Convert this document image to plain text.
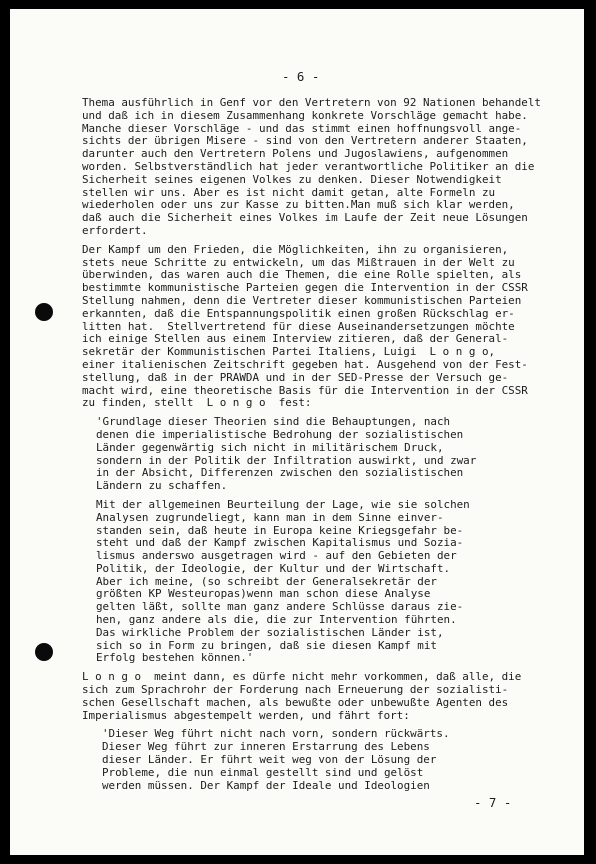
- 6 -
Thema ausführlich in Genf vor den Vertretern von 92 Nationen behandelt
und daß ich in diesem Zusammenhang konkrete Vorschläge gemacht habe.
Manche dieser Vorschläge - und das stimmt einen hoffnungsvoll ange-
sichts der übrigen Misere - sind von den Vertretern anderer Staaten,
darunter auch den Vertretern Polens und Jugoslawiens, aufgenommen
worden. Selbstverständlich hat jeder verantwortliche Politiker an die
Sicherheit seines eigenen Volkes zu denken. Dieser Notwendigkeit
stellen wir uns. Aber es ist nicht damit getan, alte Formeln zu
wiederholen oder uns zur Kasse zu bitten.Man muß sich klar werden,
daß auch die Sicherheit eines Volkes im Laufe der Zeit neue Lösungen
erfordert.
Der Kampf um den Frieden, die Möglichkeiten, ihn zu organisieren,
stets neue Schritte zu entwickeln, um das Mißtrauen in der Welt zu
überwinden, das waren auch die Themen, die eine Rolle spielten, als
bestimmte kommunistische Parteien gegen die Intervention in der CSSR
Stellung nahmen, denn die Vertreter dieser kommunistischen Parteien
erkannten, daß die Entspannungspolitik einen großen Rückschlag er-
litten hat.  Stellvertretend für diese Auseinandersetzungen möchte
ich einige Stellen aus einem Interview zitieren, daß der General-
sekretär der Kommunistischen Partei Italiens, Luigi  L o n g o,
einer italienischen Zeitschrift gegeben hat. Ausgehend von der Fest-
stellung, daß in der PRAWDA und in der SED-Presse der Versuch ge-
macht wird, eine theoretische Basis für die Intervention in der CSSR
zu finden, stellt  L o n g o  fest:
'Grundlage dieser Theorien sind die Behauptungen, nach
denen die imperialistische Bedrohung der sozialistischen
Länder gegenwärtig sich nicht in militärischem Druck,
sondern in der Politik der Infiltration auswirkt, und zwar
in der Absicht, Differenzen zwischen den sozialistischen
Ländern zu schaffen.
Mit der allgemeinen Beurteilung der Lage, wie sie solchen
Analysen zugrundeliegt, kann man in dem Sinne einver-
standen sein, daß heute in Europa keine Kriegsgefahr be-
steht und daß der Kampf zwischen Kapitalismus und Sozia-
lismus anderswo ausgetragen wird - auf den Gebieten der
Politik, der Ideologie, der Kultur und der Wirtschaft.
Aber ich meine, (so schreibt der Generalsekretär der
größten KP Westeuropas)wenn man schon diese Analyse
gelten läßt, sollte man ganz andere Schlüsse daraus zie-
hen, ganz andere als die, die zur Intervention führten.
Das wirkliche Problem der sozialistischen Länder ist,
sich so in Form zu bringen, daß sie diesen Kampf mit
Erfolg bestehen können.'
L o n g o  meint dann, es dürfe nicht mehr vorkommen, daß alle, die
sich zum Sprachrohr der Forderung nach Erneuerung der sozialisti-
schen Gesellschaft machen, als bewußte oder unbewußte Agenten des
Imperialismus abgestempelt werden, und fährt fort:
'Dieser Weg führt nicht nach vorn, sondern rückwärts.
Dieser Weg führt zur inneren Erstarrung des Lebens
dieser Länder. Er führt weit weg von der Lösung der
Probleme, die nun einmal gestellt sind und gelöst
werden müssen. Der Kampf der Ideale und Ideologien
- 7 -
